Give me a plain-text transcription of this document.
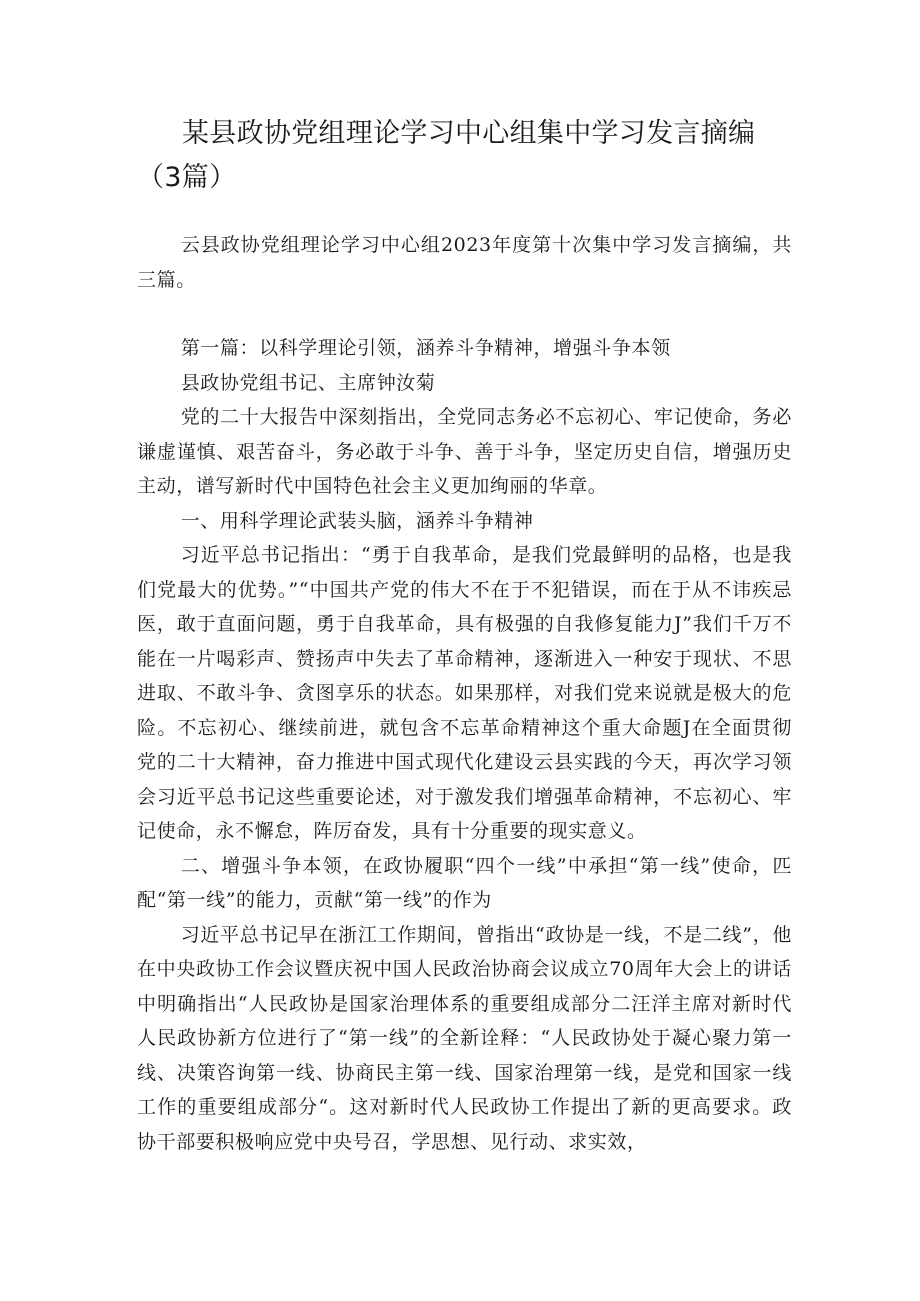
某县政协党组理论学习中心组集中学习发言摘编（3篇）

云县政协党组理论学习中心组2023年度第十次集中学习发言摘编，共三篇。

第一篇：以科学理论引领，涵养斗争精神，增强斗争本领

县政协党组书记、主席钟汝菊

党的二十大报告中深刻指出，全党同志务必不忘初心、牢记使命，务必谦虚谨慎、艰苦奋斗，务必敢于斗争、善于斗争，坚定历史自信，增强历史主动，谱写新时代中国特色社会主义更加绚丽的华章。

一、用科学理论武装头脑，涵养斗争精神

习近平总书记指出：“勇于自我革命，是我们党最鲜明的品格，也是我们党最大的优势。”“中国共产党的伟大不在于不犯错误，而在于从不讳疾忌医，敢于直面问题，勇于自我革命，具有极强的自我修复能力J”我们千万不能在一片喝彩声、赞扬声中失去了革命精神，逐渐进入一种安于现状、不思进取、不敢斗争、贪图享乐的状态。如果那样，对我们党来说就是极大的危险。不忘初心、继续前进，就包含不忘革命精神这个重大命题J在全面贯彻党的二十大精神，奋力推进中国式现代化建设云县实践的今天，再次学习领会习近平总书记这些重要论述，对于激发我们增强革命精神，不忘初心、牢记使命，永不懈怠，阵厉奋发，具有十分重要的现实意义。

二、增强斗争本领，在政协履职“四个一线”中承担“第一线”使命，匹配“第一线”的能力，贡献“第一线”的作为

习近平总书记早在浙江工作期间，曾指出“政协是一线，不是二线”，他在中央政协工作会议暨庆祝中国人民政治协商会议成立70周年大会上的讲话中明确指出“人民政协是国家治理体系的重要组成部分二汪洋主席对新时代人民政协新方位进行了“第一线”的全新诠释：“人民政协处于凝心聚力第一线、决策咨询第一线、协商民主第一线、国家治理第一线，是党和国家一线工作的重要组成部分“。这对新时代人民政协工作提出了新的更高要求。政协干部要积极响应党中央号召，学思想、见行动、求实效，
